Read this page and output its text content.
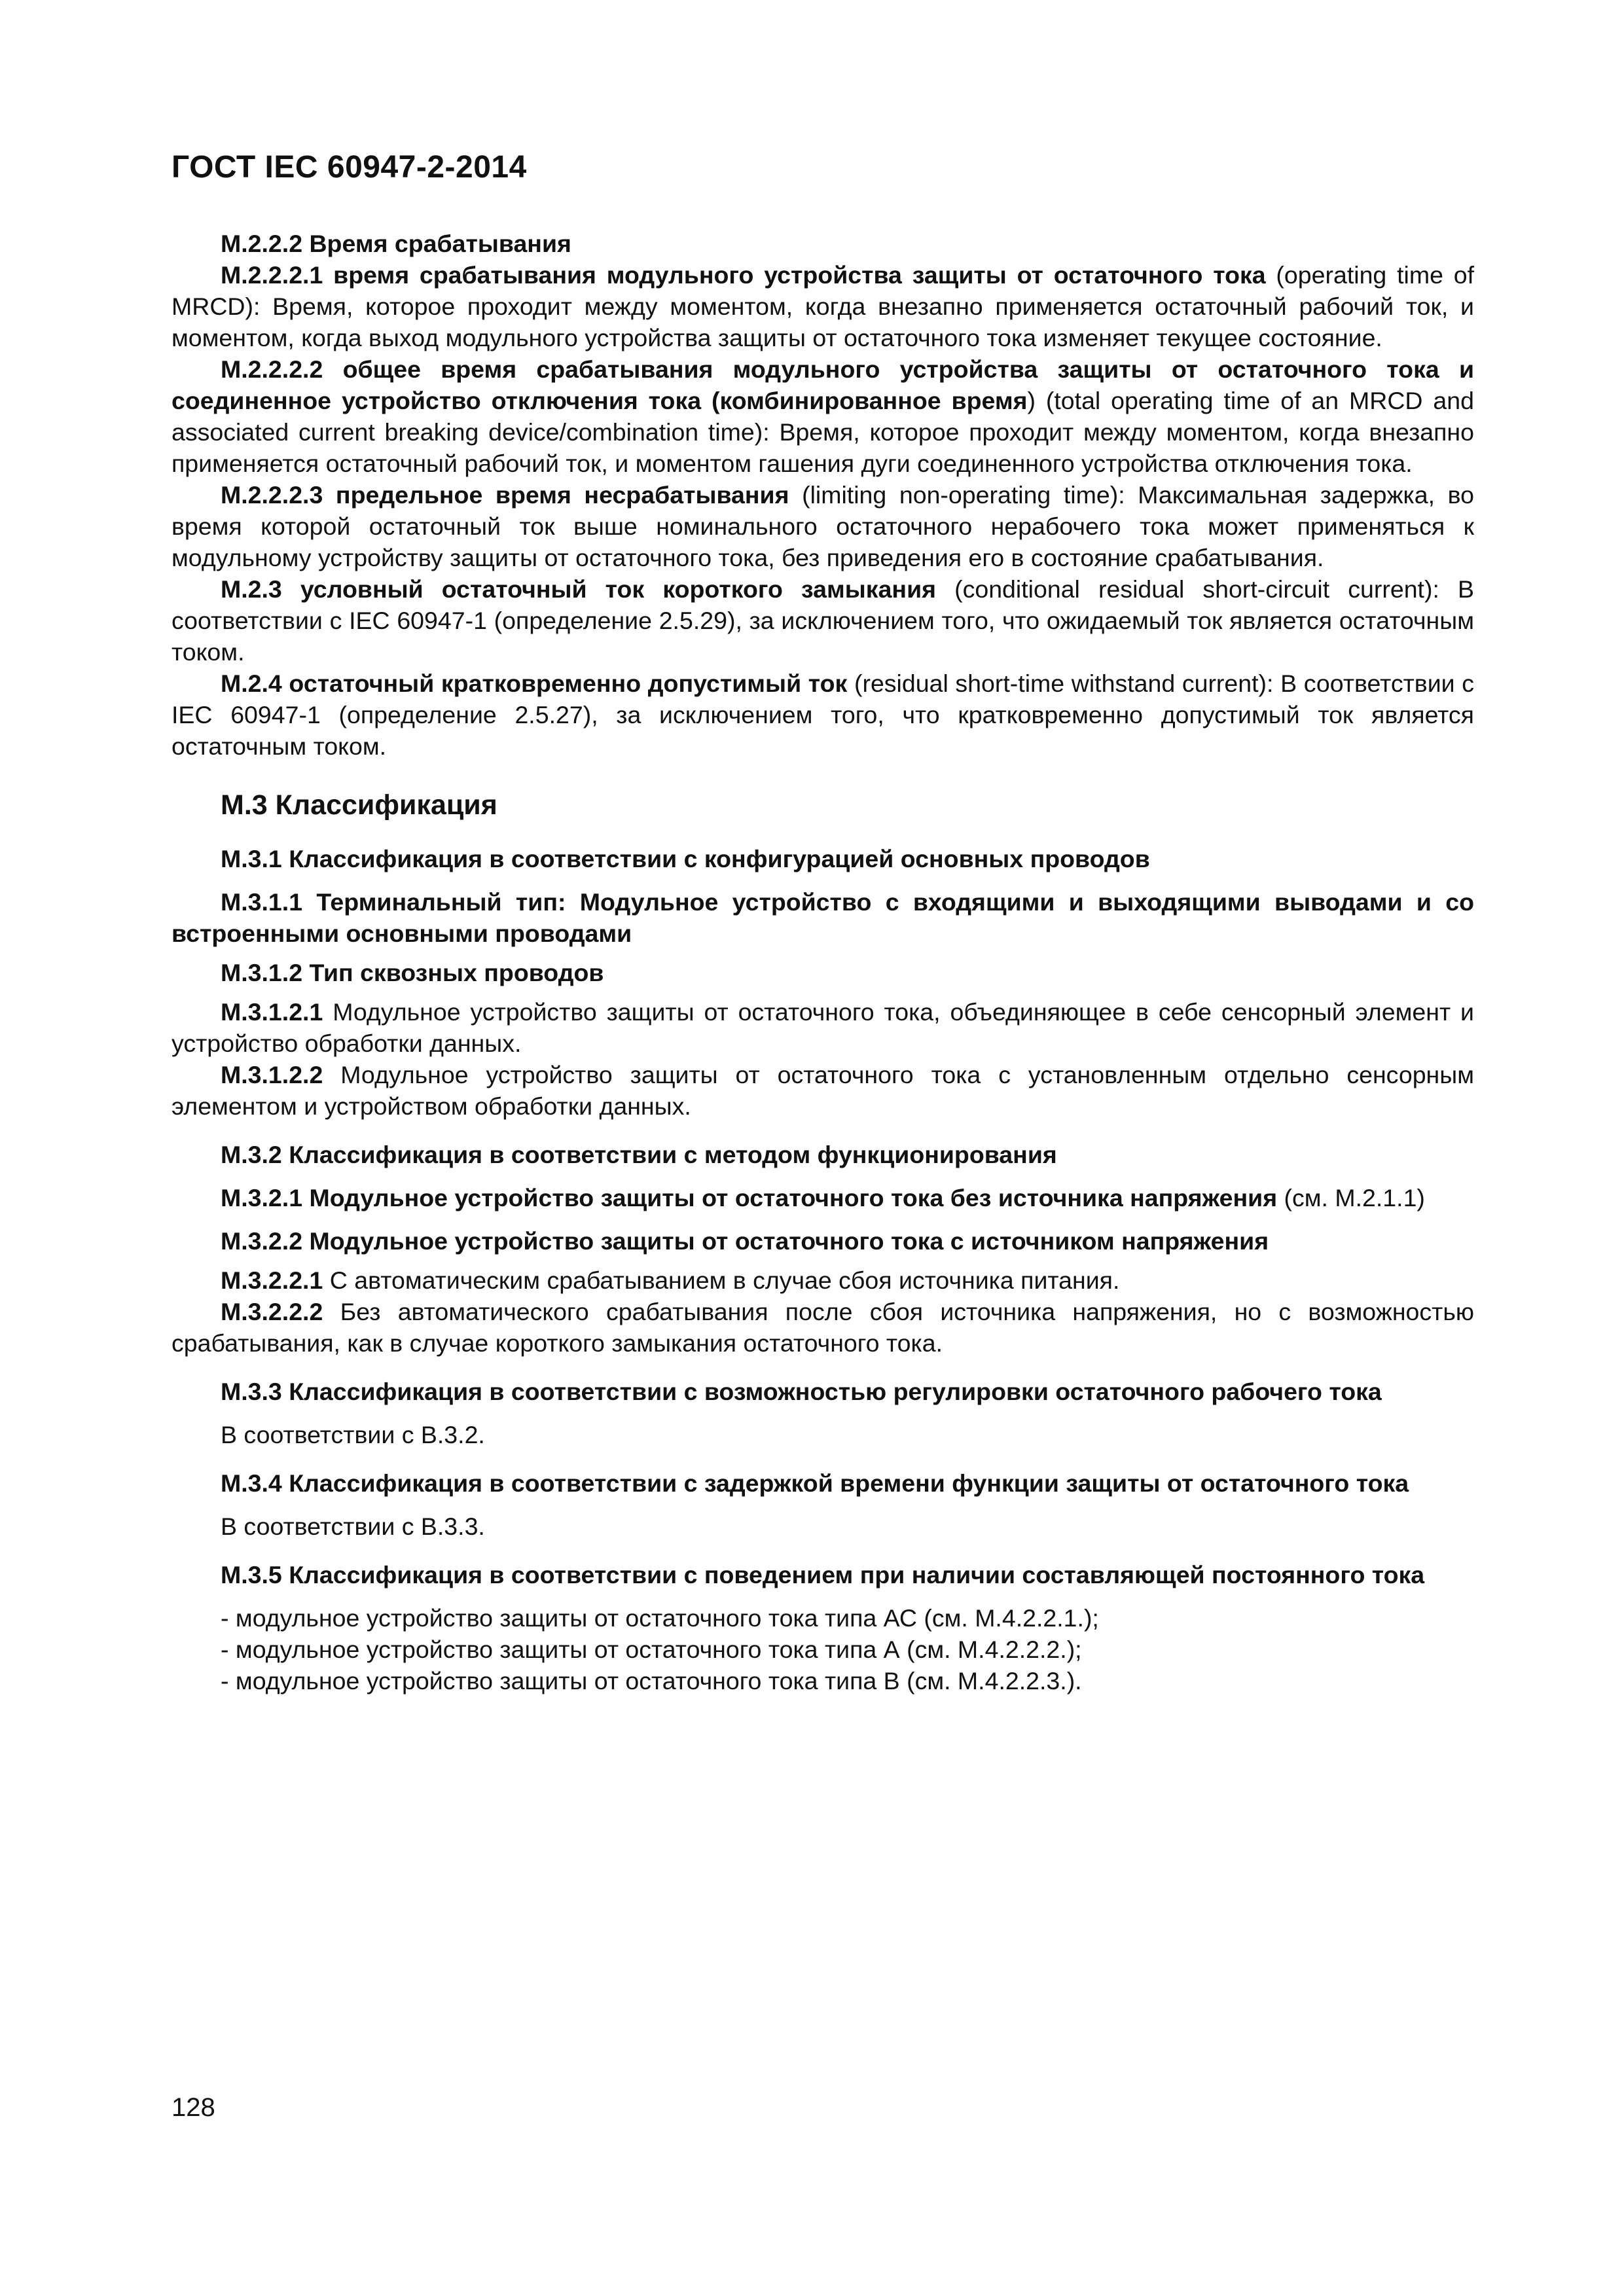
ГОСТ IEC 60947-2-2014

М.2.2.2 Время срабатывания

М.2.2.2.1 время срабатывания модульного устройства защиты от остаточного тока (operating time of MRCD): Время, которое проходит между моментом, когда внезапно применяется остаточный рабочий ток, и моментом, когда выход модульного устройства защиты от остаточного тока изменяет текущее состояние.

М.2.2.2.2 общее время срабатывания модульного устройства защиты от остаточного тока и соединенное устройство отключения тока (комбинированное время) (total operating time of an MRCD and associated current breaking device/combination time): Время, которое проходит между моментом, когда внезапно применяется остаточный рабочий ток, и моментом гашения дуги соединенного устройства отключения тока.

М.2.2.2.3 предельное время несрабатывания (limiting non-operating time): Максимальная задержка, во время которой остаточный ток выше номинального остаточного нерабочего тока может применяться к модульному устройству защиты от остаточного тока, без приведения его в состояние срабатывания.

М.2.3 условный остаточный ток короткого замыкания (conditional residual short-circuit current): В соответствии с IEC 60947-1 (определение 2.5.29), за исключением того, что ожидаемый ток является остаточным током.

М.2.4 остаточный кратковременно допустимый ток (residual short-time withstand current): В соответствии с IEC 60947-1 (определение 2.5.27), за исключением того, что кратковременно допустимый ток является остаточным током.

М.3 Классификация

М.3.1 Классификация в соответствии с конфигурацией основных проводов

М.3.1.1 Терминальный тип: Модульное устройство с входящими и выходящими выводами и со встроенными основными проводами

М.3.1.2 Тип сквозных проводов

М.3.1.2.1 Модульное устройство защиты от остаточного тока, объединяющее в себе сенсорный элемент и устройство обработки данных.

М.3.1.2.2 Модульное устройство защиты от остаточного тока с установленным отдельно сенсорным элементом и устройством обработки данных.

М.3.2 Классификация в соответствии с методом функционирования

М.3.2.1 Модульное устройство защиты от остаточного тока без источника напряжения (см. М.2.1.1)

М.3.2.2 Модульное устройство защиты от остаточного тока с источником напряжения

М.3.2.2.1 С автоматическим срабатыванием в случае сбоя источника питания.

М.3.2.2.2 Без автоматического срабатывания после сбоя источника напряжения, но с возможностью срабатывания, как в случае короткого замыкания остаточного тока.

М.3.3 Классификация в соответствии с возможностью регулировки остаточного рабочего тока

В соответствии с В.3.2.

М.3.4 Классификация в соответствии с задержкой времени функции защиты от остаточного тока

В соответствии с В.3.3.

М.3.5 Классификация в соответствии с поведением при наличии составляющей постоянного тока

- модульное устройство защиты от остаточного тока типа АС (см. М.4.2.2.1.);

- модульное устройство защиты от остаточного тока типа А (см. М.4.2.2.2.);

- модульное устройство защиты от остаточного тока типа В (см. М.4.2.2.3.).

128
